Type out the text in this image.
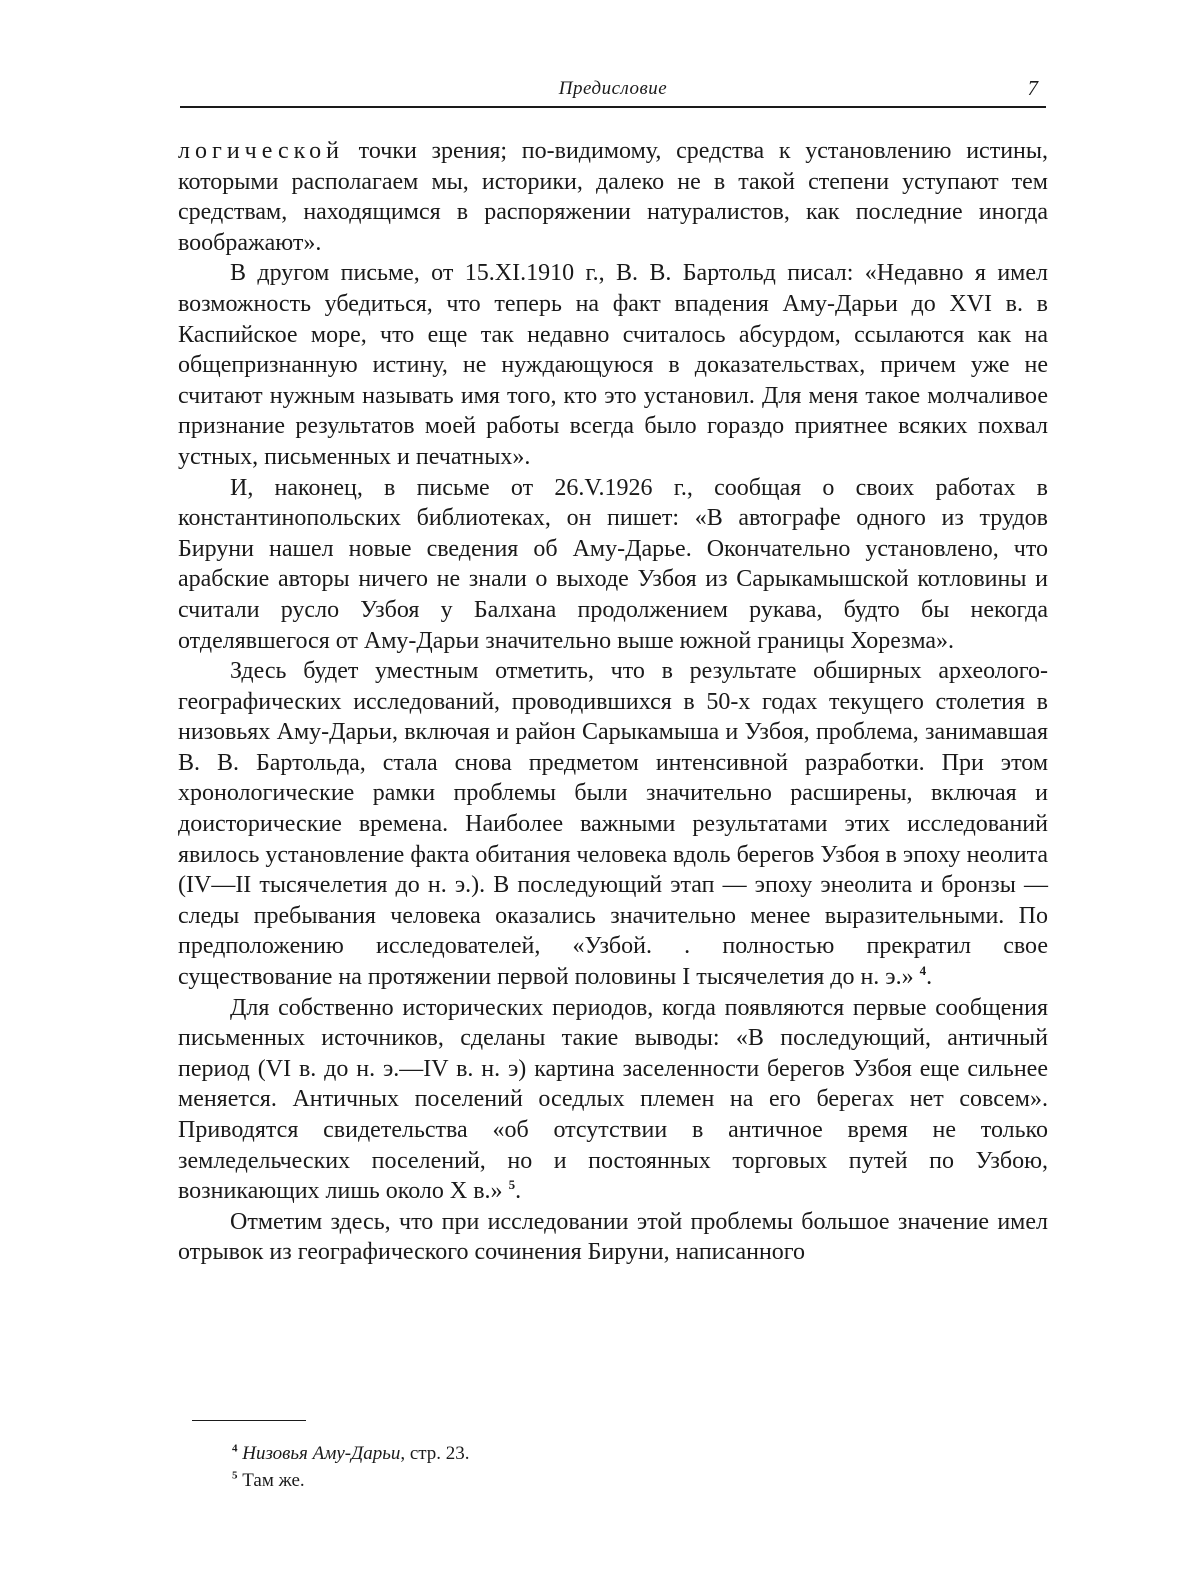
Предисловие	7

логической точки зрения; по-видимому, средства к установлению истины, которыми располагаем мы, историки, далеко не в такой степени уступают тем средствам, находящимся в распоряжении натуралистов, как последние иногда воображают».

В другом письме, от 15.XI.1910 г., В. В. Бартольд писал: «Недавно я имел возможность убедиться, что теперь на факт впадения Аму-Дарьи до XVI в. в Каспийское море, что еще так недавно считалось абсурдом, ссылаются как на общепризнанную истину, не нуждающуюся в доказательствах, причем уже не считают нужным называть имя того, кто это установил. Для меня такое молчаливое признание результатов моей работы всегда было гораздо приятнее всяких похвал устных, письменных и печатных».

И, наконец, в письме от 26.V.1926 г., сообщая о своих работах в константинопольских библиотеках, он пишет: «В автографе одного из трудов Бируни нашел новые сведения об Аму-Дарье. Окончательно установлено, что арабские авторы ничего не знали о выходе Узбоя из Сарыкамышской котловины и считали русло Узбоя у Балхана продолжением рукава, будто бы некогда отделявшегося от Аму-Дарьи значительно выше южной границы Хорезма».

Здесь будет уместным отметить, что в результате обширных археолого-географических исследований, проводившихся в 50-х годах текущего столетия в низовьях Аму-Дарьи, включая и район Сарыкамыша и Узбоя, проблема, занимавшая В. В. Бартольда, стала снова предметом интенсивной разработки. При этом хронологические рамки проблемы были значительно расширены, включая и доисторические времена. Наиболее важными результатами этих исследований явилось установление факта обитания человека вдоль берегов Узбоя в эпоху неолита (IV—II тысячелетия до н. э.). В последующий этап — эпоху энеолита и бронзы — следы пребывания человека оказались значительно менее выразительными. По предположению исследователей, «Узбой. . полностью прекратил свое существование на протяжении первой половины I тысячелетия до н. э.» $^4$.

Для собственно исторических периодов, когда появляются первые сообщения письменных источников, сделаны такие выводы: «В последующий, античный период (VI в. до н. э.—IV в. н. э) картина заселенности берегов Узбоя еще сильнее меняется. Античных поселений оседлых племен на его берегах нет совсем». Приводятся свидетельства «об отсутствии в античное время не только земледельческих поселений, но и постоянных торговых путей по Узбою, возникающих лишь около X в.» $^5$.

Отметим здесь, что при исследовании этой проблемы большое значение имел отрывок из географического сочинения Бируни, написанного

$^4$ Низовья Аму-Дарьи, стр. 23.
$^5$ Там же.
